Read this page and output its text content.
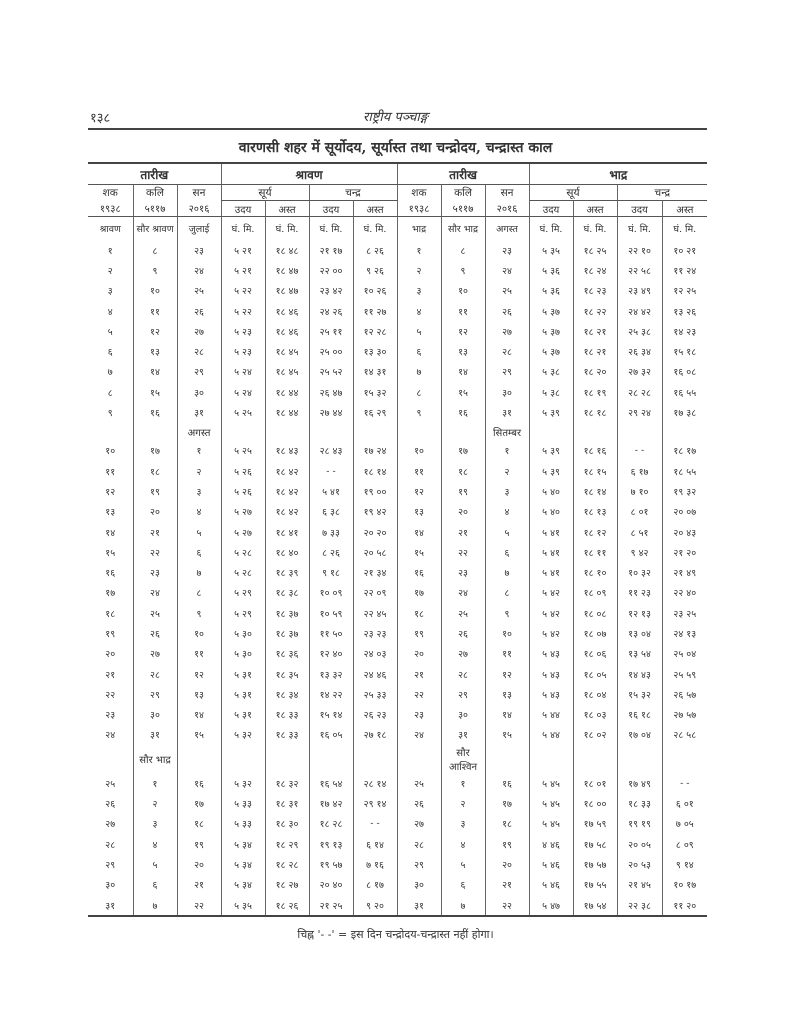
१३८	राष्ट्रीय पञ्चाङ्ग
वारणसी शहर में सूर्योदय, सूर्यास्त तथा चन्द्रोदय, चन्द्रास्त काल
तारीख			श्रावण				तारीख			भाद्र			
शक	कलि	सन	सूर्य		चन्द्र		शक	कलि	सन	सूर्य		चन्द्र	
१९३८	५११७	२०१६	उदय	अस्त	उदय	अस्त	१९३८	५११७	२०१६	उदय	अस्त	उदय	अस्त
श्रावण	सौर श्रावण	जुलाई	घं. मि.	घं. मि.	घं. मि.	घं. मि.	भाद्र	सौर भाद्र	अगस्त	घं. मि.	घं. मि.	घं. मि.	घं. मि.
१	८	२३	५ २१	१८ ४८	२१ १७	८ २६	१	८	२३	५ ३५	१८ २५	२२ १०	१० २१
२	९	२४	५ २१	१८ ४७	२२ ००	९ २६	२	९	२४	५ ३६	१८ २४	२२ ५८	११ २४
३	१०	२५	५ २२	१८ ४७	२३ ४२	१० २६	३	१०	२५	५ ३६	१८ २३	२३ ४९	१२ २५
४	११	२६	५ २२	१८ ४६	२४ २६	११ २७	४	११	२६	५ ३७	१८ २२	२४ ४२	१३ २६
५	१२	२७	५ २३	१८ ४६	२५ ११	१२ २८	५	१२	२७	५ ३७	१८ २१	२५ ३८	१४ २३
६	१३	२८	५ २३	१८ ४५	२५ ००	१३ ३०	६	१३	२८	५ ३७	१८ २१	२६ ३४	१५ १८
७	१४	२९	५ २४	१८ ४५	२५ ५२	१४ ३१	७	१४	२९	५ ३८	१८ २०	२७ ३२	१६ ०८
८	१५	३०	५ २४	१८ ४४	२६ ४७	१५ ३२	८	१५	३०	५ ३८	१८ १९	२८ २८	१६ ५५
९	१६	३१	५ २५	१८ ४४	२७ ४४	१६ २९	९	१६	३१	५ ३९	१८ १८	२९ २४	१७ ३८
		अगस्त							सितम्बर				
१०	१७	१	५ २५	१८ ४३	२८ ४३	१७ २४	१०	१७	१	५ ३९	१८ १६	- -	१८ १७
११	१८	२	५ २६	१८ ४२	- -	१८ १४	११	१८	२	५ ३९	१८ १५	६ १७	१८ ५५
१२	१९	३	५ २६	१८ ४२	५ ४१	१९ ००	१२	१९	३	५ ४०	१८ १४	७ १०	१९ ३२
१३	२०	४	५ २७	१८ ४२	६ ३८	१९ ४२	१३	२०	४	५ ४०	१८ १३	८ ०१	२० ०७
१४	२१	५	५ २७	१८ ४१	७ ३३	२० २०	१४	२१	५	५ ४१	१८ १२	८ ५१	२० ४३
१५	२२	६	५ २८	१८ ४०	८ २६	२० ५८	१५	२२	६	५ ४१	१८ ११	९ ४२	२१ २०
१६	२३	७	५ २८	१८ ३९	९ १८	२१ ३४	१६	२३	७	५ ४१	१८ १०	१० ३२	२१ ४९
१७	२४	८	५ २९	१८ ३८	१० ०९	२२ ०९	१७	२४	८	५ ४२	१८ ०९	११ २३	२२ ४०
१८	२५	९	५ २९	१८ ३७	१० ५९	२२ ४५	१८	२५	९	५ ४२	१८ ०८	१२ १३	२३ २५
१९	२६	१०	५ ३०	१८ ३७	११ ५०	२३ २३	१९	२६	१०	५ ४२	१८ ०७	१३ ०४	२४ १३
२०	२७	११	५ ३०	१८ ३६	१२ ४०	२४ ०३	२०	२७	११	५ ४३	१८ ०६	१३ ५४	२५ ०४
२१	२८	१२	५ ३१	१८ ३५	१३ ३२	२४ ४६	२१	२८	१२	५ ४३	१८ ०५	१४ ४३	२५ ५९
२२	२९	१३	५ ३१	१८ ३४	१४ २२	२५ ३३	२२	२९	१३	५ ४३	१८ ०४	१५ ३२	२६ ५७
२३	३०	१४	५ ३१	१८ ३३	१५ १४	२६ २३	२३	३०	१४	५ ४४	१८ ०३	१६ १८	२७ ५७
२४	३१	१५	५ ३२	१८ ३३	१६ ०५	२७ १८	२४	३१	१५	५ ४४	१८ ०२	१७ ०४	२८ ५८
	सौर भाद्र							सौर आश्विन					
२५	१	१६	५ ३२	१८ ३२	१६ ५४	२८ १४	२५	१	१६	५ ४५	१८ ०१	१७ ४९	- -
२६	२	१७	५ ३३	१८ ३१	१७ ४२	२९ १४	२६	२	१७	५ ४५	१८ ००	१८ ३३	६ ०१
२७	३	१८	५ ३३	१८ ३०	१८ २८	- -	२७	३	१८	५ ४५	१७ ५९	१९ १९	७ ०५
२८	४	१९	५ ३४	१८ २९	१९ १३	६ १४	२८	४	१९	४ ४६	१७ ५८	२० ०५	८ ०९
२९	५	२०	५ ३४	१८ २८	१९ ५७	७ १६	२९	५	२०	५ ४६	१७ ५७	२० ५३	९ १४
३०	६	२१	५ ३४	१८ २७	२० ४०	८ १७	३०	६	२१	५ ४६	१७ ५५	२१ ४५	१० १७
३१	७	२२	५ ३५	१८ २६	२१ २५	९ २०	३१	७	२२	५ ४७	१७ ५४	२२ ३८	११ २०
चिह्न '- -' = इस दिन चन्द्रोदय-चन्द्रास्त नहीं होगा।
